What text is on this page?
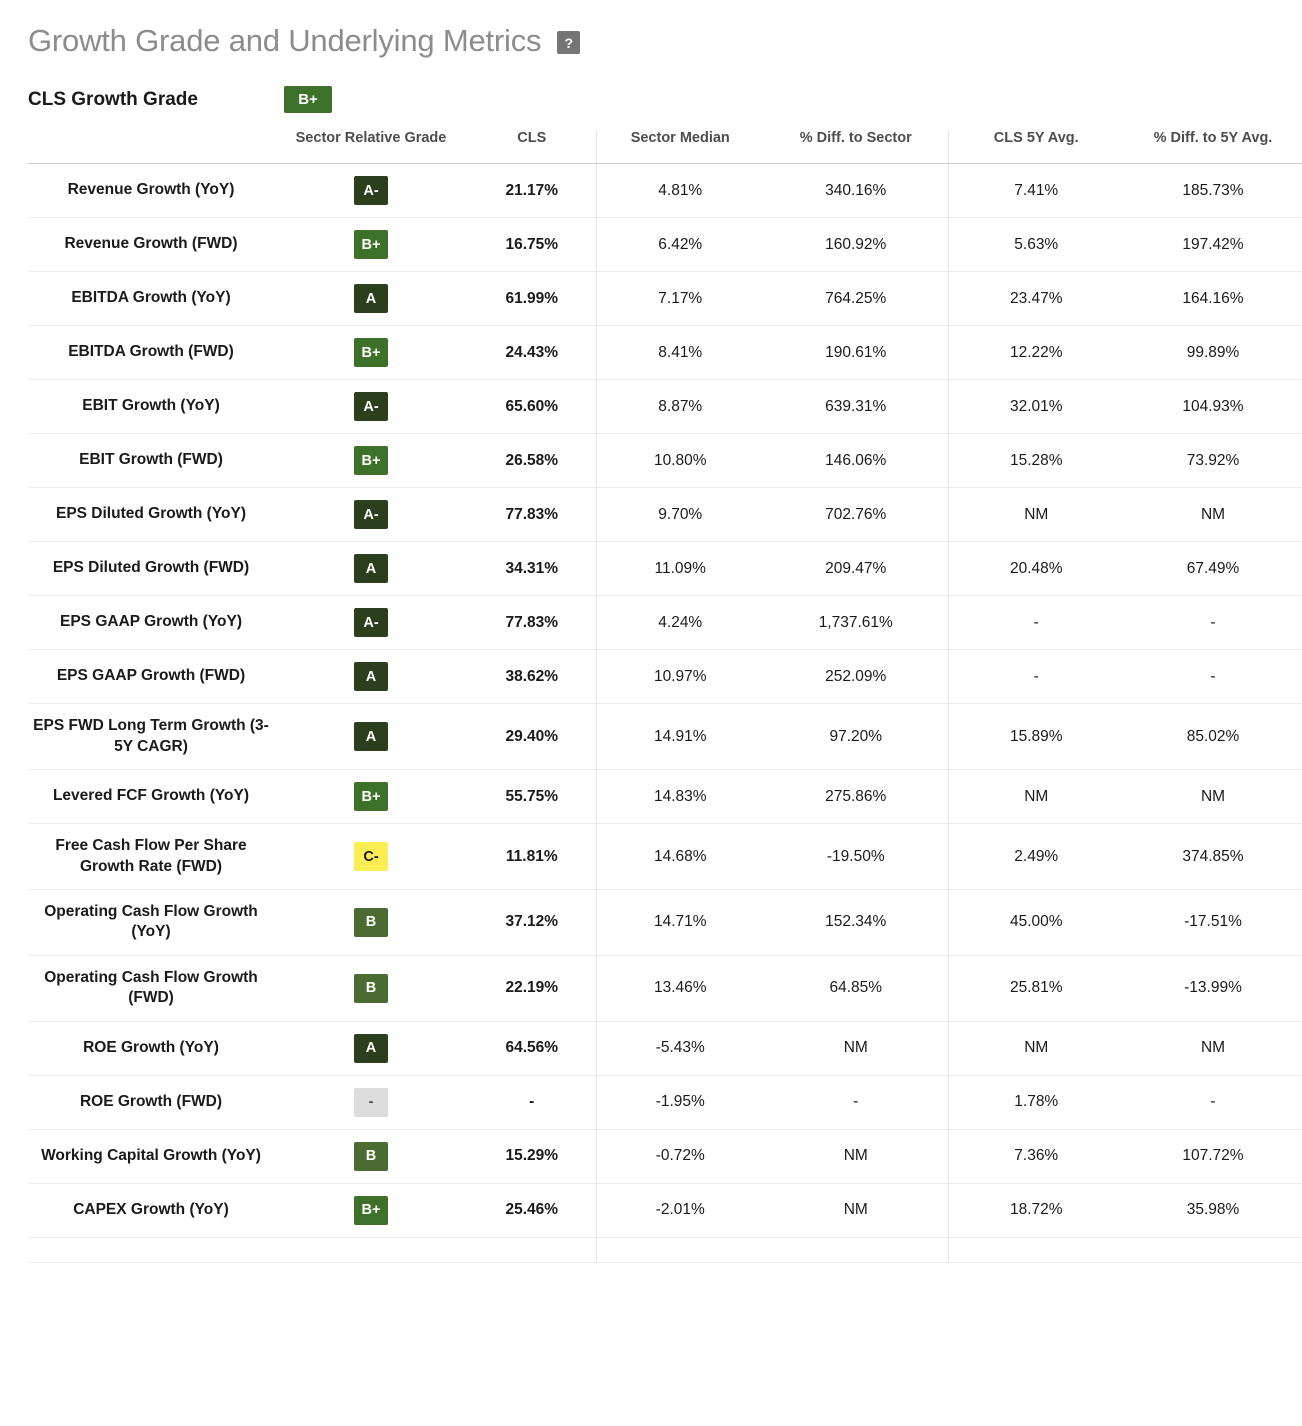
Growth Grade and Underlying Metrics	?
CLS Growth Grade	B+
	Sector Relative Grade	CLS	Sector Median	% Diff. to Sector	CLS 5Y Avg.	% Diff. to 5Y Avg.
Revenue Growth (YoY)	A-	21.17%	4.81%	340.16%	7.41%	185.73%
Revenue Growth (FWD)	B+	16.75%	6.42%	160.92%	5.63%	197.42%
EBITDA Growth (YoY)	A	61.99%	7.17%	764.25%	23.47%	164.16%
EBITDA Growth (FWD)	B+	24.43%	8.41%	190.61%	12.22%	99.89%
EBIT Growth (YoY)	A-	65.60%	8.87%	639.31%	32.01%	104.93%
EBIT Growth (FWD)	B+	26.58%	10.80%	146.06%	15.28%	73.92%
EPS Diluted Growth (YoY)	A-	77.83%	9.70%	702.76%	NM	NM
EPS Diluted Growth (FWD)	A	34.31%	11.09%	209.47%	20.48%	67.49%
EPS GAAP Growth (YoY)	A-	77.83%	4.24%	1,737.61%	-	-
EPS GAAP Growth (FWD)	A	38.62%	10.97%	252.09%	-	-
EPS FWD Long Term Growth (3-5Y CAGR)	A	29.40%	14.91%	97.20%	15.89%	85.02%
Levered FCF Growth (YoY)	B+	55.75%	14.83%	275.86%	NM	NM
Free Cash Flow Per Share Growth Rate (FWD)	C-	11.81%	14.68%	-19.50%	2.49%	374.85%
Operating Cash Flow Growth (YoY)	B	37.12%	14.71%	152.34%	45.00%	-17.51%
Operating Cash Flow Growth (FWD)	B	22.19%	13.46%	64.85%	25.81%	-13.99%
ROE Growth (YoY)	A	64.56%	-5.43%	NM	NM	NM
ROE Growth (FWD)	-	-	-1.95%	-	1.78%	-
Working Capital Growth (YoY)	B	15.29%	-0.72%	NM	7.36%	107.72%
CAPEX Growth (YoY)	B+	25.46%	-2.01%	NM	18.72%	35.98%
